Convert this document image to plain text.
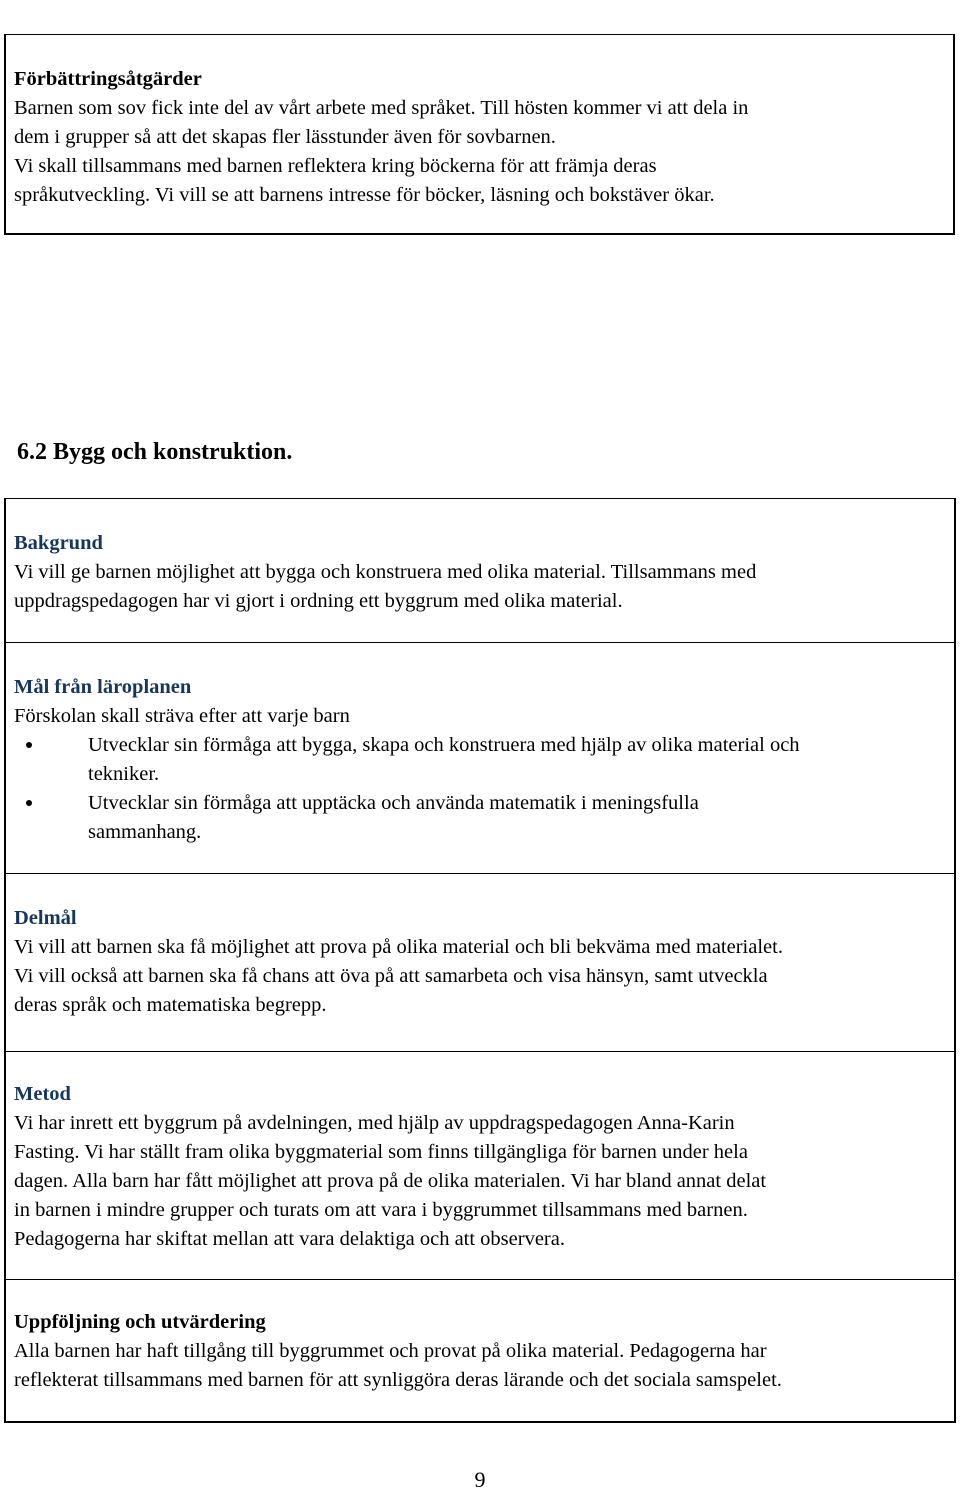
Förbättringsåtgärder

Barnen som sov fick inte del av vårt arbete med språket. Till hösten kommer vi att dela in

dem i grupper så att det skapas fler lässtunder även för sovbarnen.

Vi skall tillsammans med barnen reflektera kring böckerna för att främja deras

språkutveckling. Vi vill se att barnens intresse för böcker, läsning och bokstäver ökar.

6.2 Bygg och konstruktion.

Bakgrund

Vi vill ge barnen möjlighet att bygga och konstruera med olika material. Tillsammans med

uppdragspedagogen har vi gjort i ordning ett byggrum med olika material.

Mål från läroplanen

Förskolan skall sträva efter att varje barn

Utvecklar sin förmåga att bygga, skapa och konstruera med hjälp av olika material och
tekniker.
Utvecklar sin förmåga att upptäcka och använda matematik i meningsfulla
sammanhang.

Delmål

Vi vill att barnen ska få möjlighet att prova på olika material och bli bekväma med materialet.

Vi vill också att barnen ska få chans att öva på att samarbeta och visa hänsyn, samt utveckla

deras språk och matematiska begrepp.

Metod

Vi har inrett ett byggrum på avdelningen, med hjälp av uppdragspedagogen Anna-Karin

Fasting. Vi har ställt fram olika byggmaterial som finns tillgängliga för barnen under hela

dagen. Alla barn har fått möjlighet att prova på de olika materialen. Vi har bland annat delat

in barnen i mindre grupper och turats om att vara i byggrummet tillsammans med barnen.

Pedagogerna har skiftat mellan att vara delaktiga och att observera.

Uppföljning och utvärdering

Alla barnen har haft tillgång till byggrummet och provat på olika material. Pedagogerna har

reflekterat tillsammans med barnen för att synliggöra deras lärande och det sociala samspelet.

9
